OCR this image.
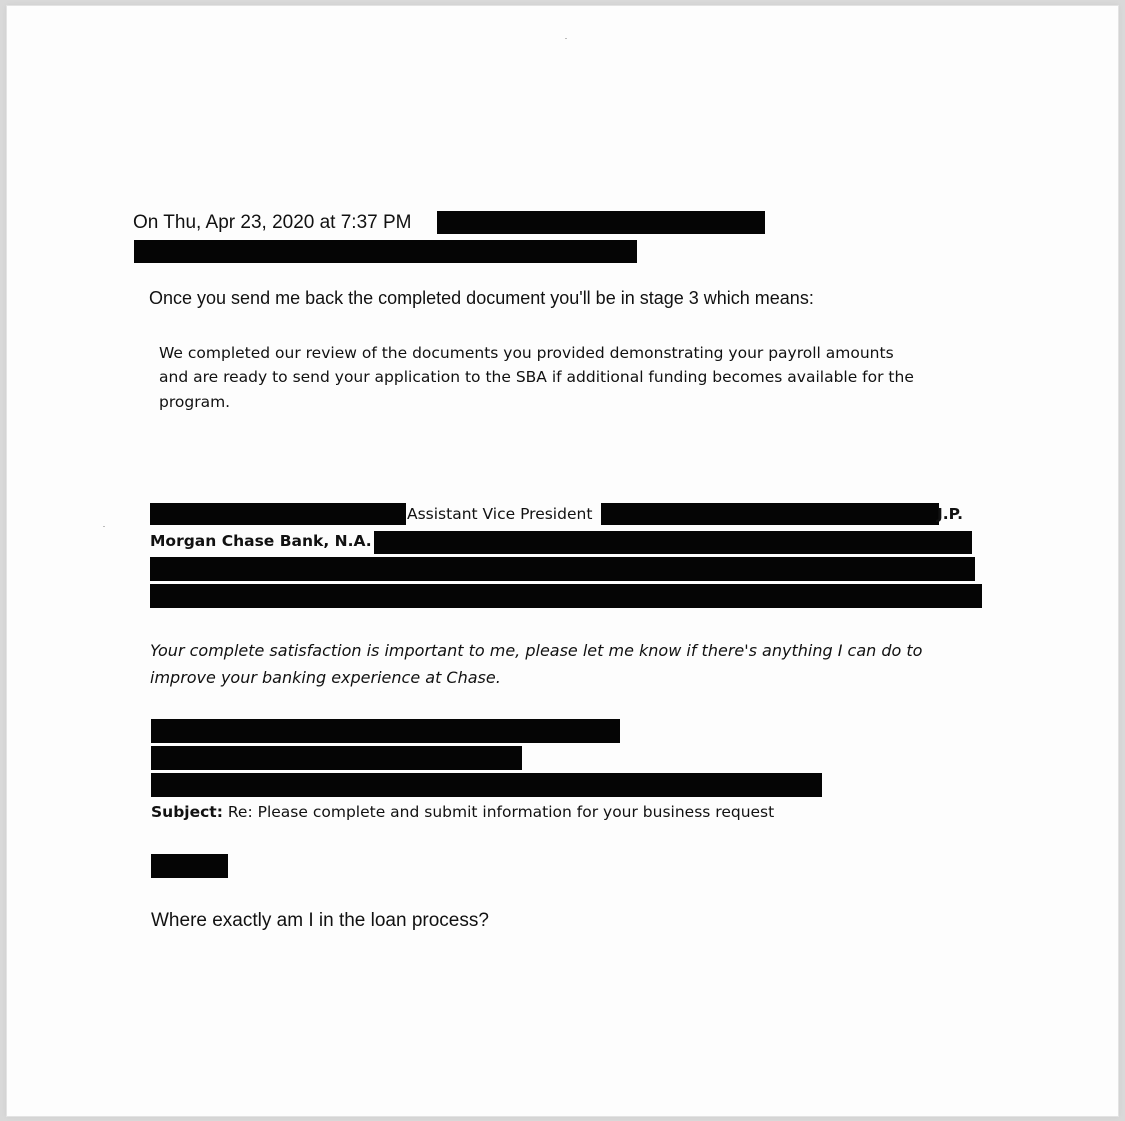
On Thu, Apr 23, 2020 at 7:37 PM
Once you send me back the completed document you'll be in stage 3 which means:
We completed our review of the documents you provided demonstrating your payroll amounts
and are ready to send your application to the SBA if additional funding becomes available for the
program.
Assistant Vice President	J.P.
Morgan Chase Bank, N.A.
Your complete satisfaction is important to me, please let me know if there's anything I can do to
improve your banking experience at Chase.
Subject: Re: Please complete and submit information for your business request
Where exactly am I in the loan process?
